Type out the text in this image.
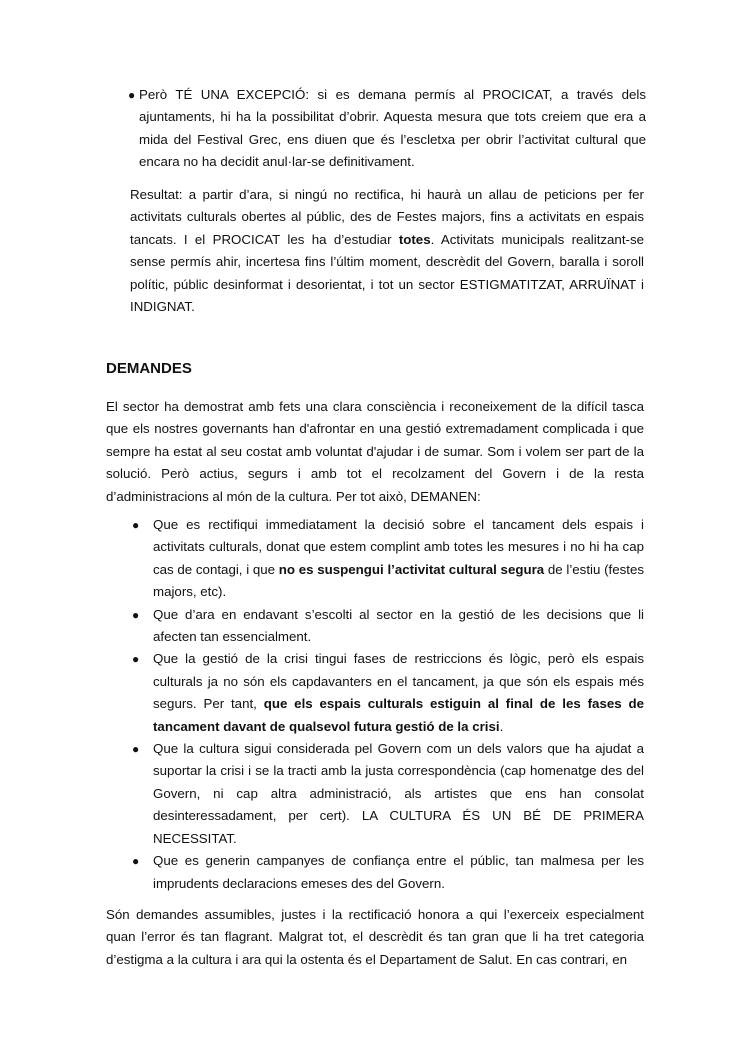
● Però TÉ UNA EXCEPCIÓ: si es demana permís al PROCICAT, a través dels ajuntaments, hi ha la possibilitat d’obrir. Aquesta mesura que tots creiem que era a mida del Festival Grec, ens diuen que és l’escletxa per obrir l’activitat cultural que encara no ha decidit anul·lar-se definitivament.

Resultat: a partir d’ara, si ningú no rectifica, hi haurà un allau de peticions per fer activitats culturals obertes al públic, des de Festes majors, fins a activitats en espais tancats. I el PROCICAT les ha d’estudiar totes. Activitats municipals realitzant-se sense permís ahir, incertesa fins l’últim moment, descrèdit del Govern, baralla i soroll polític, públic desinformat i desorientat, i tot un sector ESTIGMATITZAT, ARRUÏNAT i INDIGNAT.

DEMANDES

El sector ha demostrat amb fets una clara consciència i reconeixement de la difícil tasca que els nostres governants han d'afrontar en una gestió extremadament complicada i que sempre ha estat al seu costat amb voluntat d'ajudar i de sumar. Som i volem ser part de la solució. Però actius, segurs i amb tot el recolzament del Govern i de la resta d’administracions al món de la cultura. Per tot això, DEMANEN:

● Que es rectifiqui immediatament la decisió sobre el tancament dels espais i activitats culturals, donat que estem complint amb totes les mesures i no hi ha cap cas de contagi, i que no es suspengui l’activitat cultural segura de l’estiu (festes majors, etc).

● Que d’ara en endavant s’escolti al sector en la gestió de les decisions que li afecten tan essencialment.

● Que la gestió de la crisi tingui fases de restriccions és lògic, però els espais culturals ja no són els capdavanters en el tancament, ja que són els espais més segurs. Per tant, que els espais culturals estiguin al final de les fases de tancament davant de qualsevol futura gestió de la crisi.

● Que la cultura sigui considerada pel Govern com un dels valors que ha ajudat a suportar la crisi i se la tracti amb la justa correspondència (cap homenatge des del Govern, ni cap altra administració, als artistes que ens han consolat desinteressadament, per cert). LA CULTURA ÉS UN BÉ DE PRIMERA NECESSITAT.

● Que es generin campanyes de confiança entre el públic, tan malmesa per les imprudents declaracions emeses des del Govern.

Són demandes assumibles, justes i la rectificació honora a qui l’exerceix especialment quan l’error és tan flagrant. Malgrat tot, el descrèdit és tan gran que li ha tret categoria d’estigma a la cultura i ara qui la ostenta és el Departament de Salut. En cas contrari, en
